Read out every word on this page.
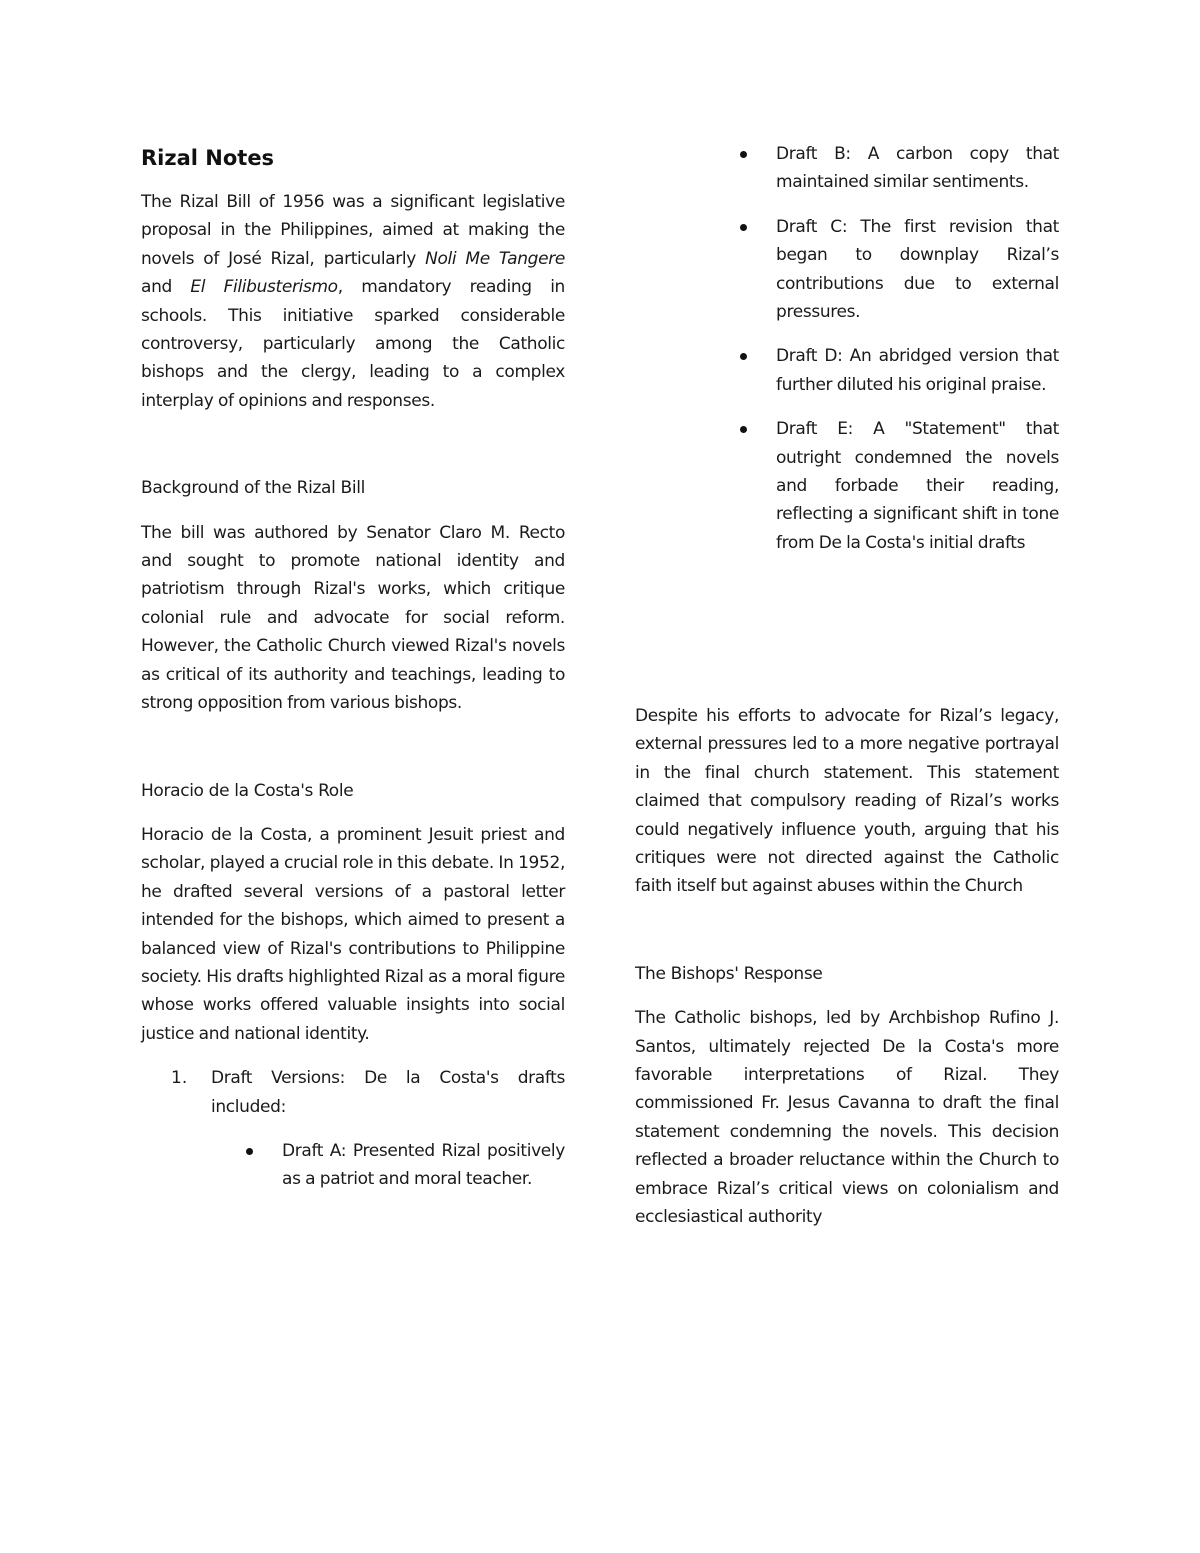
Rizal Notes

The Rizal Bill of 1956 was a significant legislative proposal in the Philippines, aimed at making the novels of José Rizal, particularly Noli Me Tangere and El Filibusterismo, mandatory reading in schools. This initiative sparked considerable controversy, particularly among the Catholic bishops and the clergy, leading to a complex interplay of opinions and responses.

Background of the Rizal Bill

The bill was authored by Senator Claro M. Recto and sought to promote national identity and patriotism through Rizal's works, which critique colonial rule and advocate for social reform. However, the Catholic Church viewed Rizal's novels as critical of its authority and teachings, leading to strong opposition from various bishops.

Horacio de la Costa's Role

Horacio de la Costa, a prominent Jesuit priest and scholar, played a crucial role in this debate. In 1952, he drafted several versions of a pastoral letter intended for the bishops, which aimed to present a balanced view of Rizal's contributions to Philippine society. His drafts highlighted Rizal as a moral figure whose works offered valuable insights into social justice and national identity.

1. Draft Versions: De la Costa's drafts included:

Draft A: Presented Rizal positively as a patriot and moral teacher.

Draft B: A carbon copy that maintained similar sentiments.

Draft C: The first revision that began to downplay Rizal’s contributions due to external pressures.

Draft D: An abridged version that further diluted his original praise.

Draft E: A "Statement" that outright condemned the novels and forbade their reading, reflecting a significant shift in tone from De la Costa's initial drafts

Despite his efforts to advocate for Rizal’s legacy, external pressures led to a more negative portrayal in the final church statement. This statement claimed that compulsory reading of Rizal’s works could negatively influence youth, arguing that his critiques were not directed against the Catholic faith itself but against abuses within the Church

The Bishops' Response

The Catholic bishops, led by Archbishop Rufino J. Santos, ultimately rejected De la Costa's more favorable interpretations of Rizal. They commissioned Fr. Jesus Cavanna to draft the final statement condemning the novels. This decision reflected a broader reluctance within the Church to embrace Rizal’s critical views on colonialism and ecclesiastical authority
